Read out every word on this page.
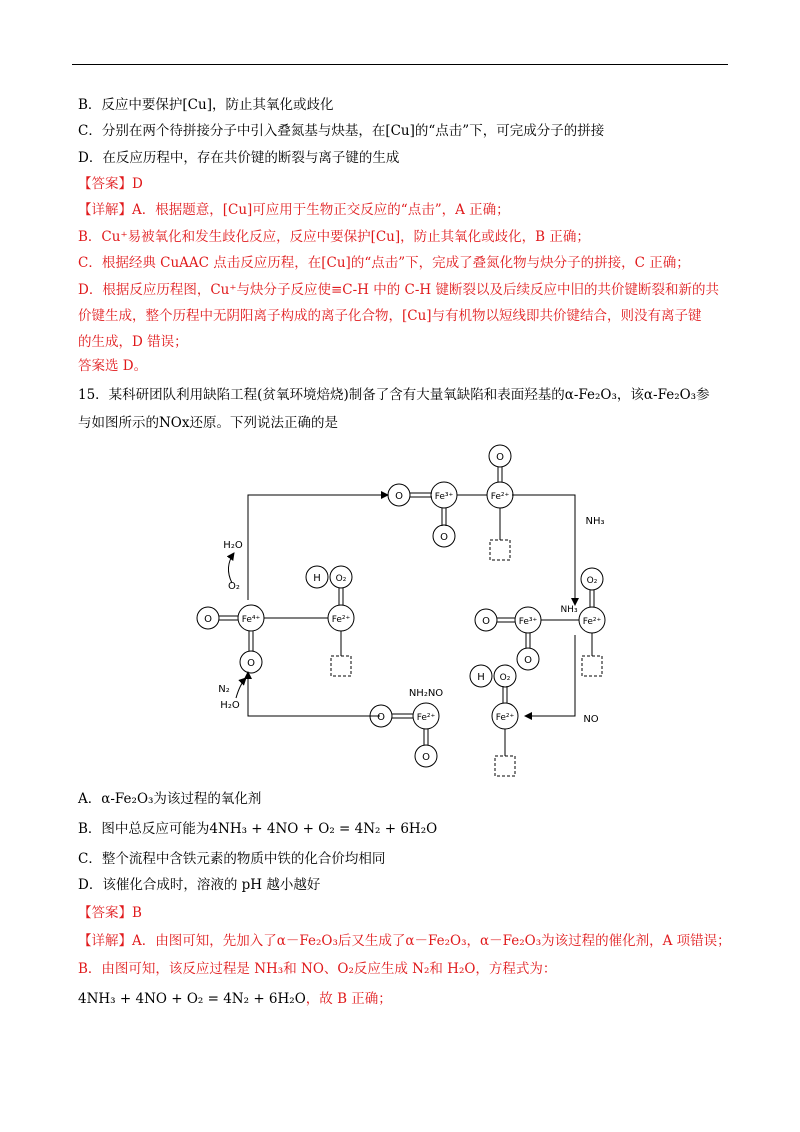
B．反应中要保护[Cu]，防止其氧化或歧化
C．分别在两个待拼接分子中引入叠氮基与炔基，在[Cu]的“点击”下，可完成分子的拼接
D．在反应历程中，存在共价键的断裂与离子键的生成
【答案】D
【详解】A．根据题意，[Cu]可应用于生物正交反应的“点击”，A 正确；
B．Cu⁺易被氧化和发生歧化反应，反应中要保护[Cu]，防止其氧化或歧化，B 正确；
C．根据经典 CuAAC 点击反应历程，在[Cu]的“点击”下，完成了叠氮化物与炔分子的拼接，C 正确；
D．根据反应历程图，Cu⁺与炔分子反应使≡C-H 中的 C-H 键断裂以及后续反应中旧的共价键断裂和新的共
价键生成，整个历程中无阴阳离子构成的离子化合物，[Cu]与有机物以短线即共价键结合，则没有离子键
的生成，D 错误；
答案选 D。
15．某科研团队利用缺陷工程(贫氧环境焙烧)制备了含有大量氧缺陷和表面羟基的α-Fe₂O₃，该α-Fe₂O₃参
与如图所示的NOx还原。下列说法正确的是
O	Fe³⁺
O
Fe²⁺
O
NH₃
H₂O
O₂
O	Fe⁴⁺
O
Fe²⁺
O₂
H
O	Fe³⁺
O
NH₃
Fe²⁺
O₂
NO
Fe²⁺
O₂
H
O	Fe²⁺
O
NH₂NO
N₂
H₂O
A．α-Fe₂O₃为该过程的氧化剂
B．图中总反应可能为4NH₃ + 4NO + O₂ = 4N₂ + 6H₂O
C．整个流程中含铁元素的物质中铁的化合价均相同
D．该催化合成时，溶液的 pH 越小越好
【答案】B
【详解】A．由图可知，先加入了α－Fe₂O₃后又生成了α－Fe₂O₃，α－Fe₂O₃为该过程的催化剂，A 项错误；
B．由图可知，该反应过程是 NH₃和 NO、O₂反应生成 N₂和 H₂O，方程式为：
4NH₃ + 4NO + O₂ = 4N₂ + 6H₂O，故 B 正确；
